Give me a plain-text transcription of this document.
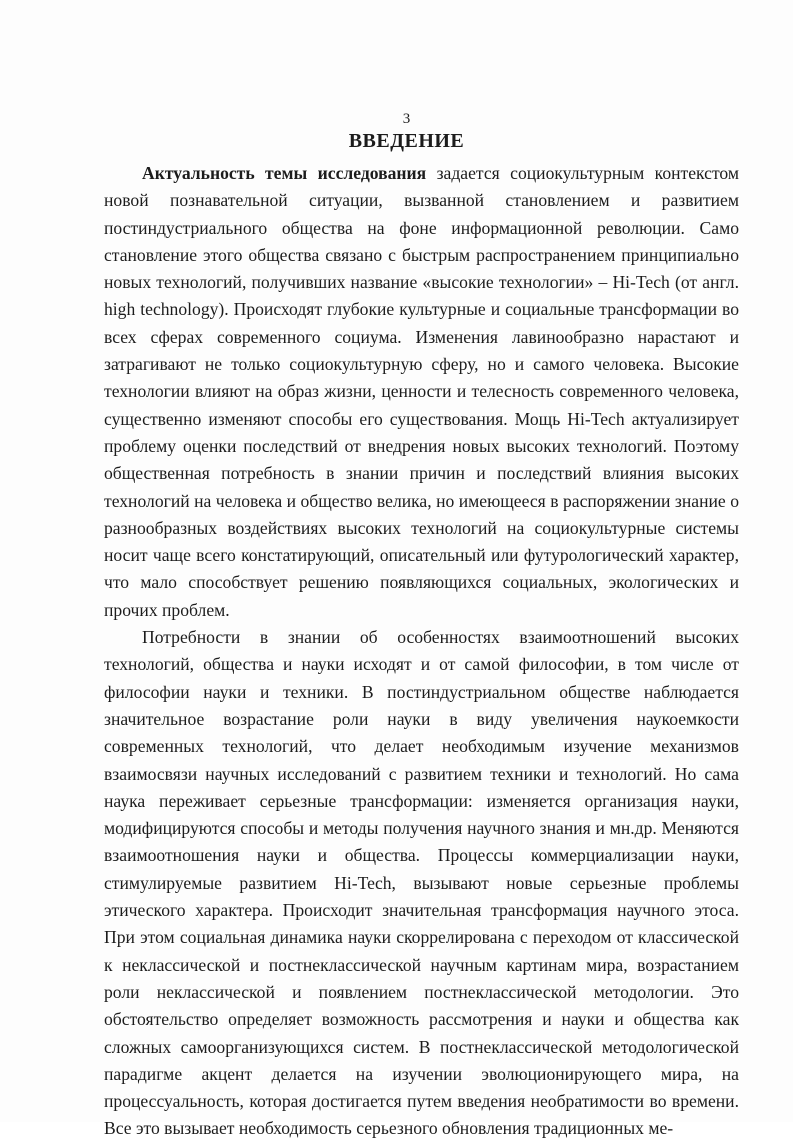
3
ВВЕДЕНИЕ

Актуальность темы исследования задается социокультурным контекстом новой познавательной ситуации, вызванной становлением и развитием постиндустриального общества на фоне информационной революции. Само становление этого общества связано с быстрым распространением принципиально новых технологий, получивших название «высокие технологии» – Hi-Tech (от англ. high technology). Происходят глубокие культурные и социальные трансформации во всех сферах современного социума. Изменения лавинообразно нарастают и затрагивают не только социокультурную сферу, но и самого человека. Высокие технологии влияют на образ жизни, ценности и телесность современного человека, существенно изменяют способы его существования. Мощь Hi-Tech актуализирует проблему оценки последствий от внедрения новых высоких технологий. Поэтому общественная потребность в знании причин и последствий влияния высоких технологий на человека и общество велика, но имеющееся в распоряжении знание о разнообразных воздействиях высоких технологий на социокультурные системы носит чаще всего констатирующий, описательный или футурологический характер, что мало способствует решению появляющихся социальных, экологических и прочих проблем.

Потребности в знании об особенностях взаимоотношений высоких технологий, общества и науки исходят и от самой философии, в том числе от философии науки и техники. В постиндустриальном обществе наблюдается значительное возрастание роли науки в виду увеличения наукоемкости современных технологий, что делает необходимым изучение механизмов взаимосвязи научных исследований с развитием техники и технологий. Но сама наука переживает серьезные трансформации: изменяется организация науки, модифицируются способы и методы получения научного знания и мн.др. Меняются взаимоотношения науки и общества. Процессы коммерциализации науки, стимулируемые развитием Hi-Tech, вызывают новые серьезные проблемы этического характера. Происходит значительная трансформация научного этоса. При этом социальная динамика науки скоррелирована с переходом от классической к неклассической и постнеклассической научным картинам мира, возрастанием роли неклассической и появлением постнеклассической методологии. Это обстоятельство определяет возможность рассмотрения и науки и общества как сложных самоорганизующихся систем. В постнеклассической методологической парадигме акцент делается на изучении эволюционирующего мира, на процессуальность, которая достигается путем введения необратимости во времени. Все это вызывает необходимость серьезного обновления традиционных ме-
